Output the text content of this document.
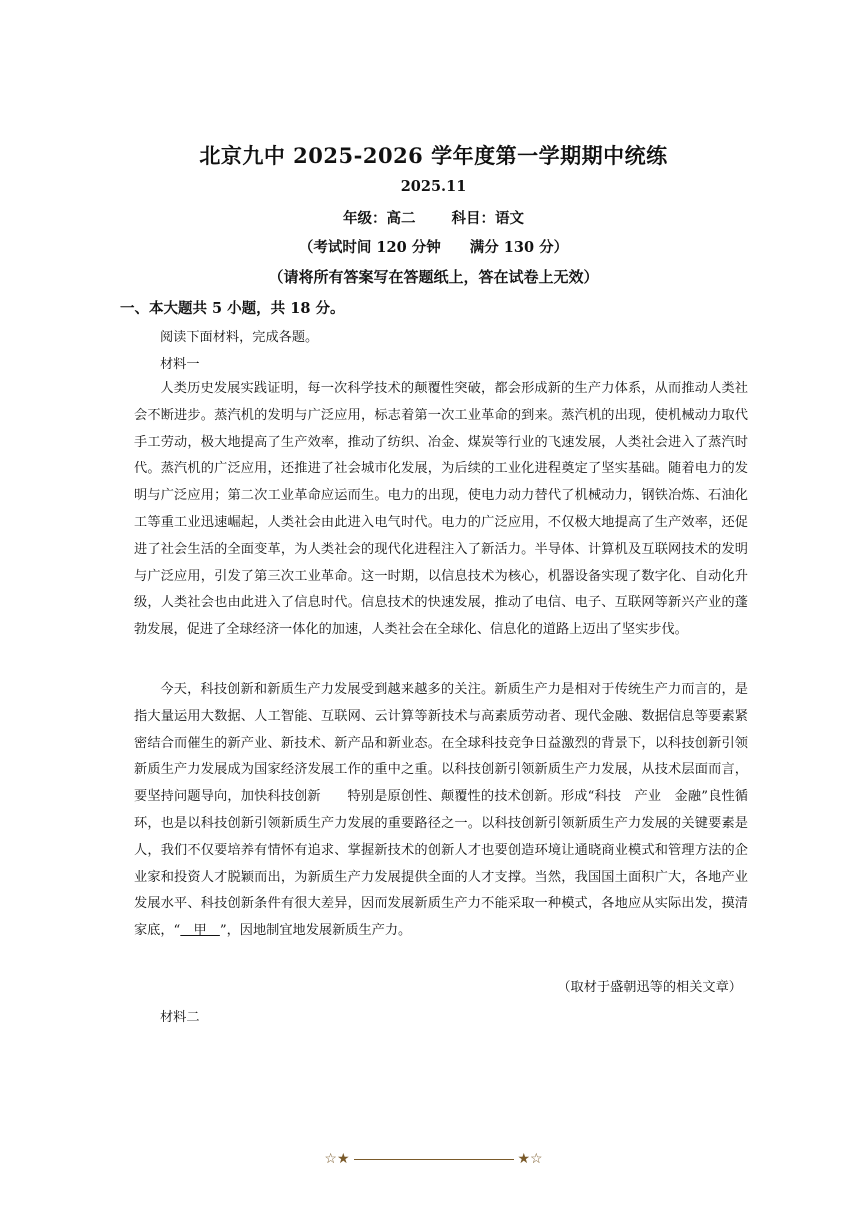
北京九中 2025-2026 学年度第一学期期中统练
2025.11
年级：高二 科目：语文
（考试时间 120 分钟　　满分 130 分）
（请将所有答案写在答题纸上，答在试卷上无效）
一、本大题共 5 小题，共 18 分。
阅读下面材料，完成各题。
材料一
人类历史发展实践证明，每一次科学技术的颠覆性突破，都会形成新的生产力体系，从而推动人类社会不断进步。蒸汽机的发明与广泛应用，标志着第一次工业革命的到来。蒸汽机的出现，使机械动力取代手工劳动，极大地提高了生产效率，推动了纺织、冶金、煤炭等行业的飞速发展，人类社会进入了蒸汽时代。蒸汽机的广泛应用，还推进了社会城市化发展，为后续的工业化进程奠定了坚实基础。随着电力的发明与广泛应用；第二次工业革命应运而生。电力的出现，使电力动力替代了机械动力，钢铁冶炼、石油化工等重工业迅速崛起，人类社会由此进入电气时代。电力的广泛应用，不仅极大地提高了生产效率，还促进了社会生活的全面变革，为人类社会的现代化进程注入了新活力。半导体、计算机及互联网技术的发明与广泛应用，引发了第三次工业革命。这一时期，以信息技术为核心，机器设备实现了数字化、自动化升级，人类社会也由此进入了信息时代。信息技术的快速发展，推动了电信、电子、互联网等新兴产业的蓬勃发展，促进了全球经济一体化的加速，人类社会在全球化、信息化的道路上迈出了坚实步伐。
今天，科技创新和新质生产力发展受到越来越多的关注。新质生产力是相对于传统生产力而言的，是指大量运用大数据、人工智能、互联网、云计算等新技术与高素质劳动者、现代金融、数据信息等要素紧密结合而催生的新产业、新技术、新产品和新业态。在全球科技竞争日益激烈的背景下，以科技创新引领新质生产力发展成为国家经济发展工作的重中之重。以科技创新引领新质生产力发展，从技术层面而言，要坚持问题导向，加快科技创新　　特别是原创性、颠覆性的技术创新。形成“科技　产业　金融”良性循环，也是以科技创新引领新质生产力发展的重要路径之一。以科技创新引领新质生产力发展的关键要素是人，我们不仅要培养有情怀有追求、掌握新技术的创新人才也要创造环境让通晓商业模式和管理方法的企业家和投资人才脱颖而出，为新质生产力发展提供全面的人才支撑。当然，我国国土面积广大，各地产业发展水平、科技创新条件有很大差异，因而发展新质生产力不能采取一种模式，各地应从实际出发，摸清家底，“　甲　”，因地制宜地发展新质生产力。
（取材于盛朝迅等的相关文章）
材料二
☆★	★☆
